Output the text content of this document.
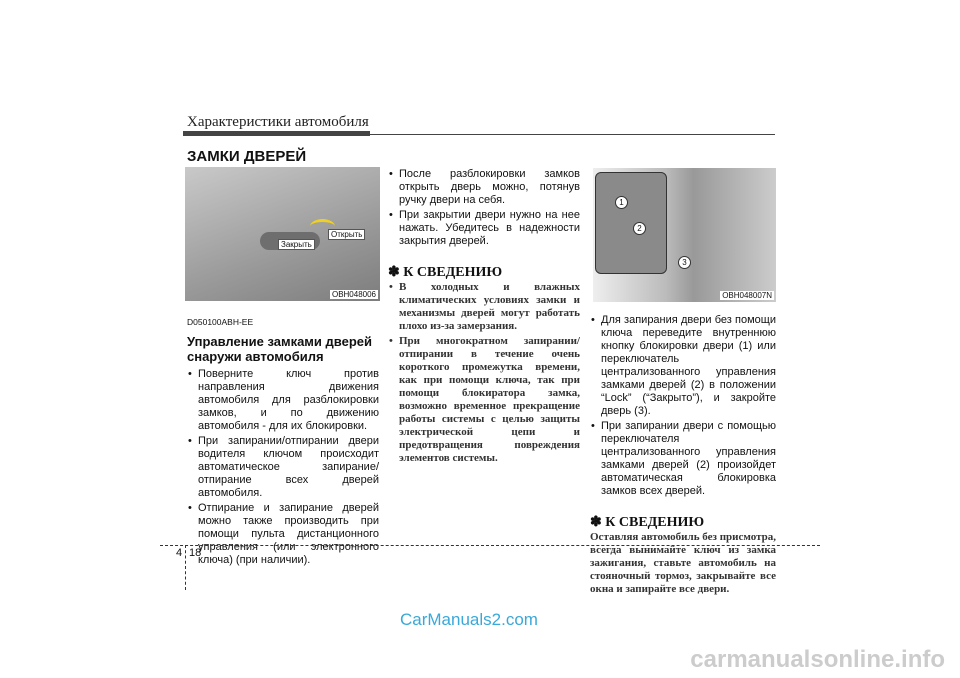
Характеристики автомобиля
ЗАМКИ ДВЕРЕЙ
Закрыть
Открыть
OBH048006
1
2
3
OBH048007N
D050100ABH-EE
Управление замками дверей снаружи автомобиля
• Поверните ключ против направления движения автомобиля для разблокировки замков, и по движению автомобиля - для их блокировки.
• При запирании/отпирании двери водителя ключом происходит автоматическое запирание/отпирание всех дверей автомобиля.
• Отпирание и запирание дверей можно также производить при помощи пульта дистанционного управления (или электронного ключа) (при наличии).
• После разблокировки замков открыть дверь можно, потянув ручку двери на себя.
• При закрытии двери нужно на нее нажать. Убедитесь в надежности закрытия дверей.
✽ К СВЕДЕНИЮ
• В холодных и влажных климатических условиях замки и механизмы дверей могут работать плохо из-за замерзания.
• При многократном запирании/отпирании в течение очень короткого промежутка времени, как при помощи ключа, так при помощи блокиратора замка, возможно временное прекращение работы системы с целью защиты электрической цепи и предотвращения повреждения элементов системы.
• Для запирания двери без помощи ключа переведите внутреннюю кнопку блокировки двери (1) или переключатель централизованного управления замками дверей (2) в положении “Lock” (“Закрыто”), и закройте дверь (3).
• При запирании двери с помощью переключателя централизованного управления замками дверей (2) произойдет автоматическая блокировка замков всех дверей.
✽ К СВЕДЕНИЮ
Оставляя автомобиль без присмотра, всегда вынимайте ключ из замка зажигания, ставьте автомобиль на стояночный тормоз, закрывайте все окна и запирайте все двери.
4 18
CarManuals2.com
carmanualsonline.info
